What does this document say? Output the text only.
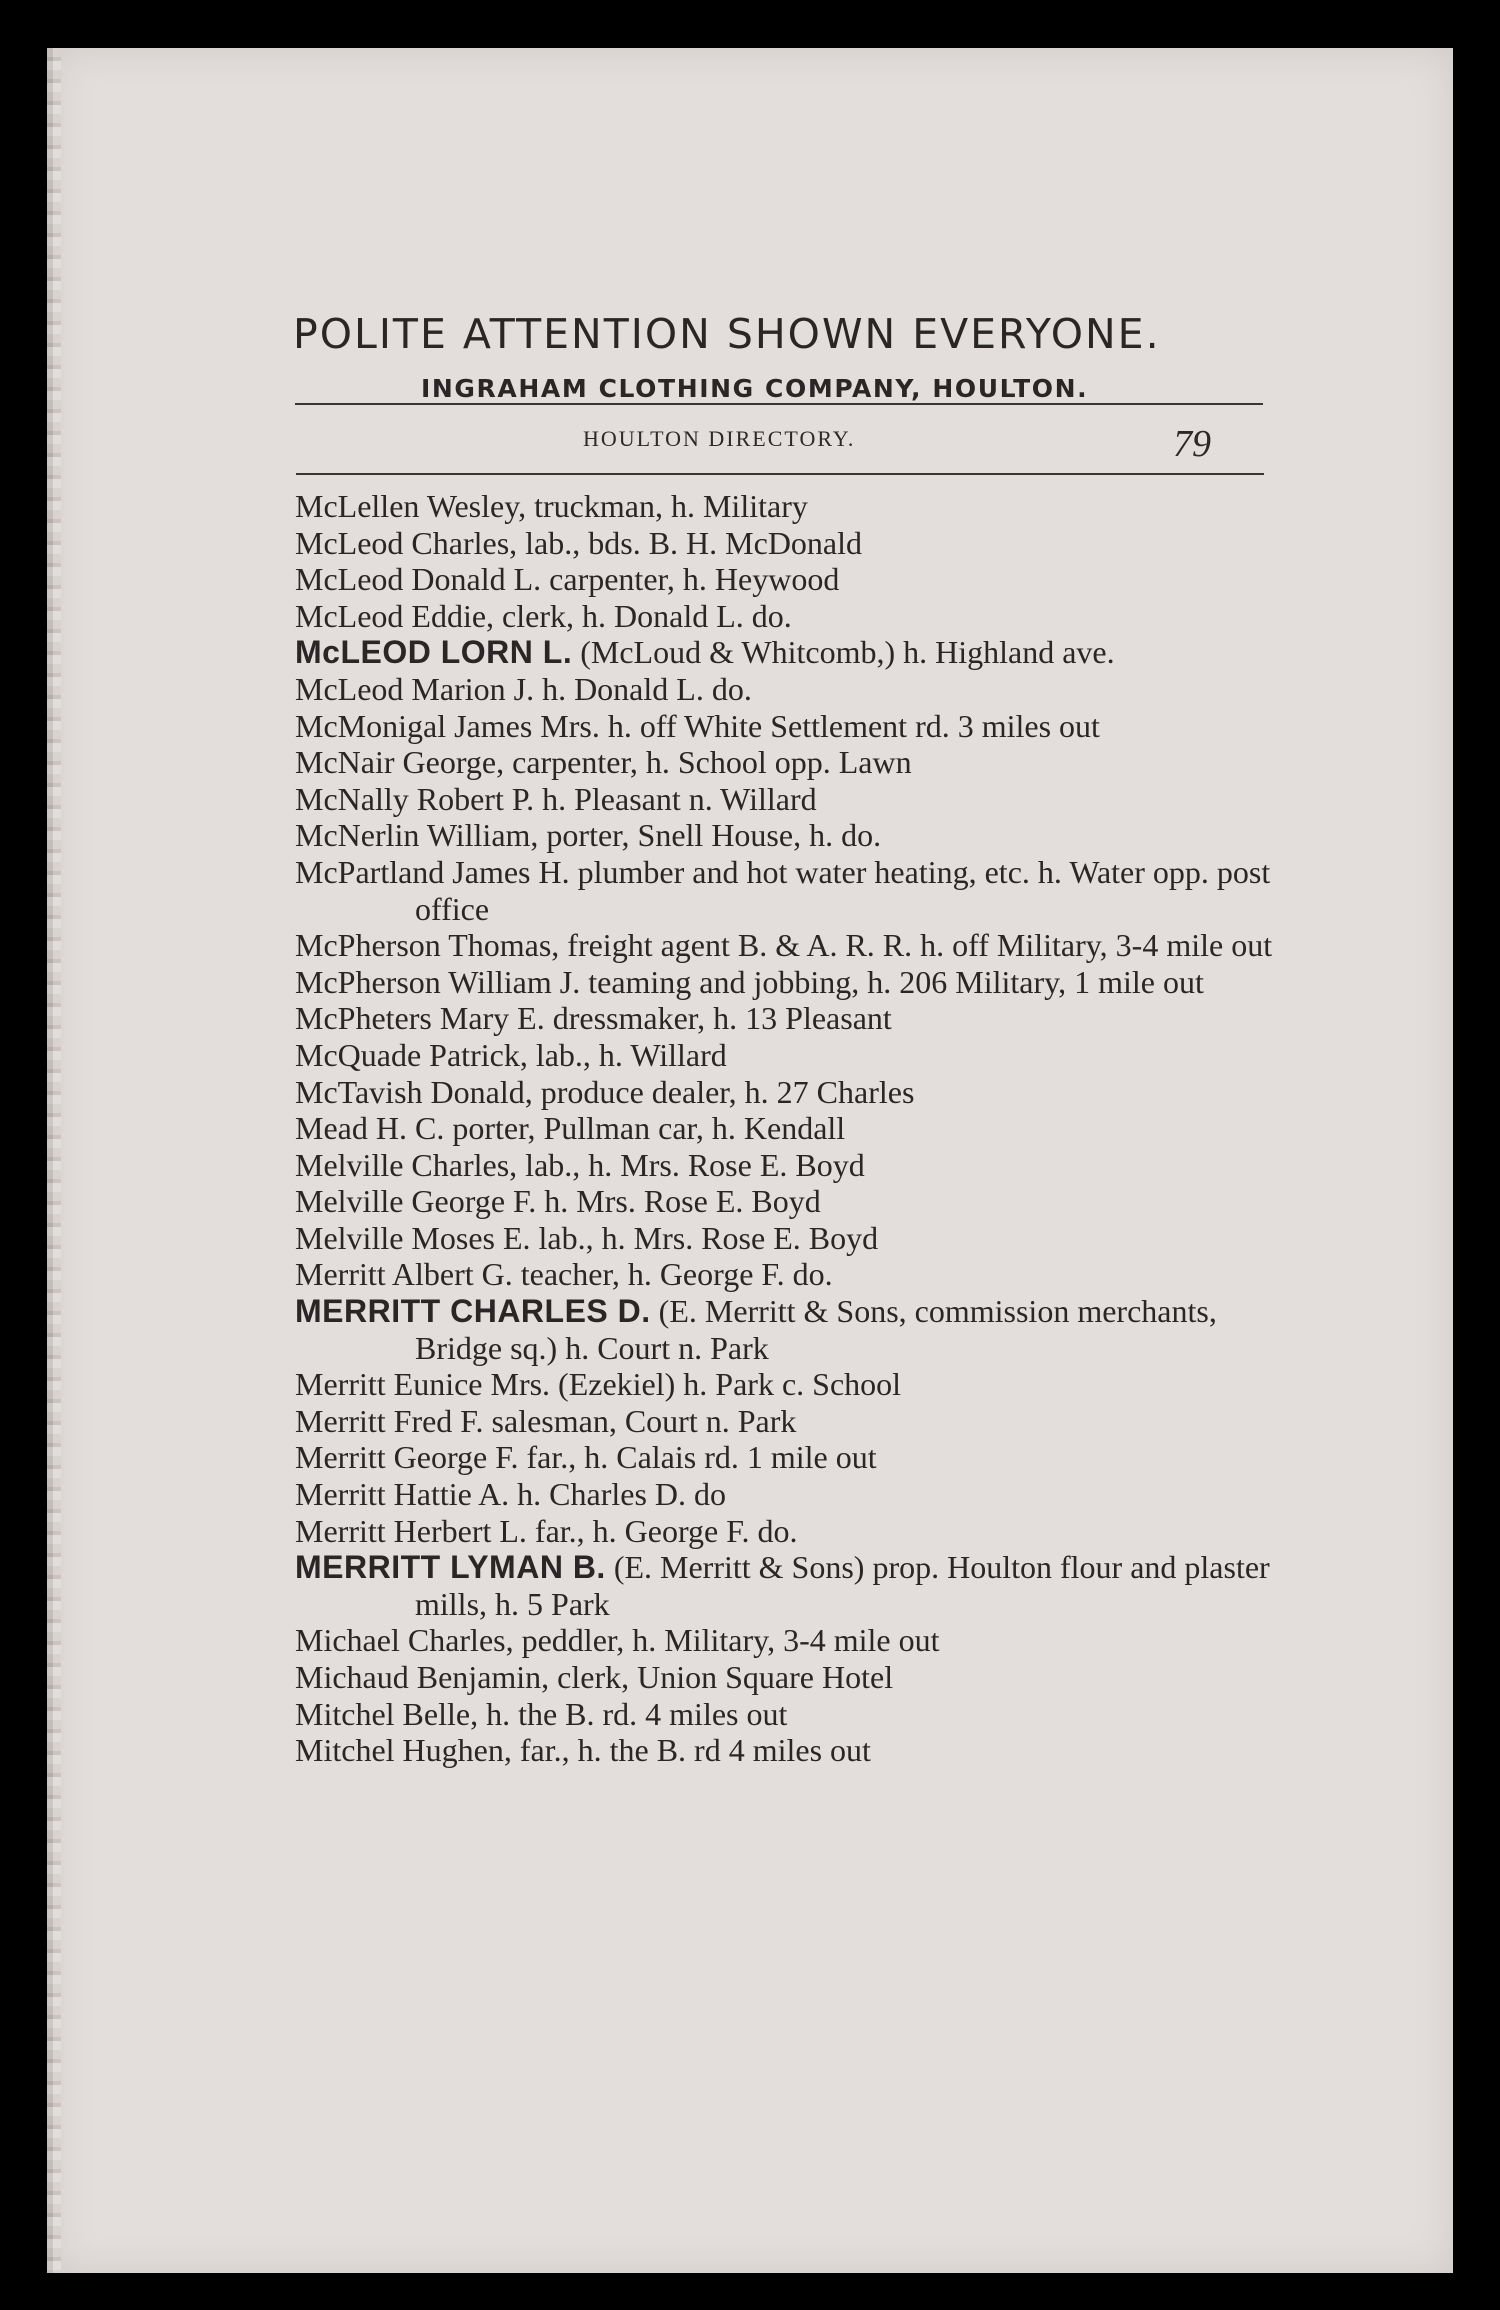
POLITE ATTENTION SHOWN EVERYONE.
INGRAHAM CLOTHING COMPANY, HOULTON.
HOULTON DIRECTORY.	79
McLellen Wesley, truckman, h. Military
McLeod Charles, lab., bds. B. H. McDonald
McLeod Donald L. carpenter, h. Heywood
McLeod Eddie, clerk, h. Donald L. do.
McLEOD LORN L. (McLoud & Whitcomb,) h. Highland ave.
McLeod Marion J. h. Donald L. do.
McMonigal James Mrs. h. off White Settlement rd. 3 miles out
McNair George, carpenter, h. School opp. Lawn
McNally Robert P. h. Pleasant n. Willard
McNerlin William, porter, Snell House, h. do.
McPartland James H. plumber and hot water heating, etc. h. Water opp. post office
McPherson Thomas, freight agent B. & A. R. R. h. off Military, 3-4 mile out
McPherson William J. teaming and jobbing, h. 206 Military, 1 mile out
McPheters Mary E. dressmaker, h. 13 Pleasant
McQuade Patrick, lab., h. Willard
McTavish Donald, produce dealer, h. 27 Charles
Mead H. C. porter, Pullman car, h. Kendall
Melville Charles, lab., h. Mrs. Rose E. Boyd
Melville George F. h. Mrs. Rose E. Boyd
Melville Moses E. lab., h. Mrs. Rose E. Boyd
Merritt Albert G. teacher, h. George F. do.
MERRITT CHARLES D. (E. Merritt & Sons, commission merchants, Bridge sq.) h. Court n. Park
Merritt Eunice Mrs. (Ezekiel) h. Park c. School
Merritt Fred F. salesman, Court n. Park
Merritt George F. far., h. Calais rd. 1 mile out
Merritt Hattie A. h. Charles D. do
Merritt Herbert L. far., h. George F. do.
MERRITT LYMAN B. (E. Merritt & Sons) prop. Houlton flour and plaster mills, h. 5 Park
Michael Charles, peddler, h. Military, 3-4 mile out
Michaud Benjamin, clerk, Union Square Hotel
Mitchel Belle, h. the B. rd. 4 miles out
Mitchel Hughen, far., h. the B. rd 4 miles out
